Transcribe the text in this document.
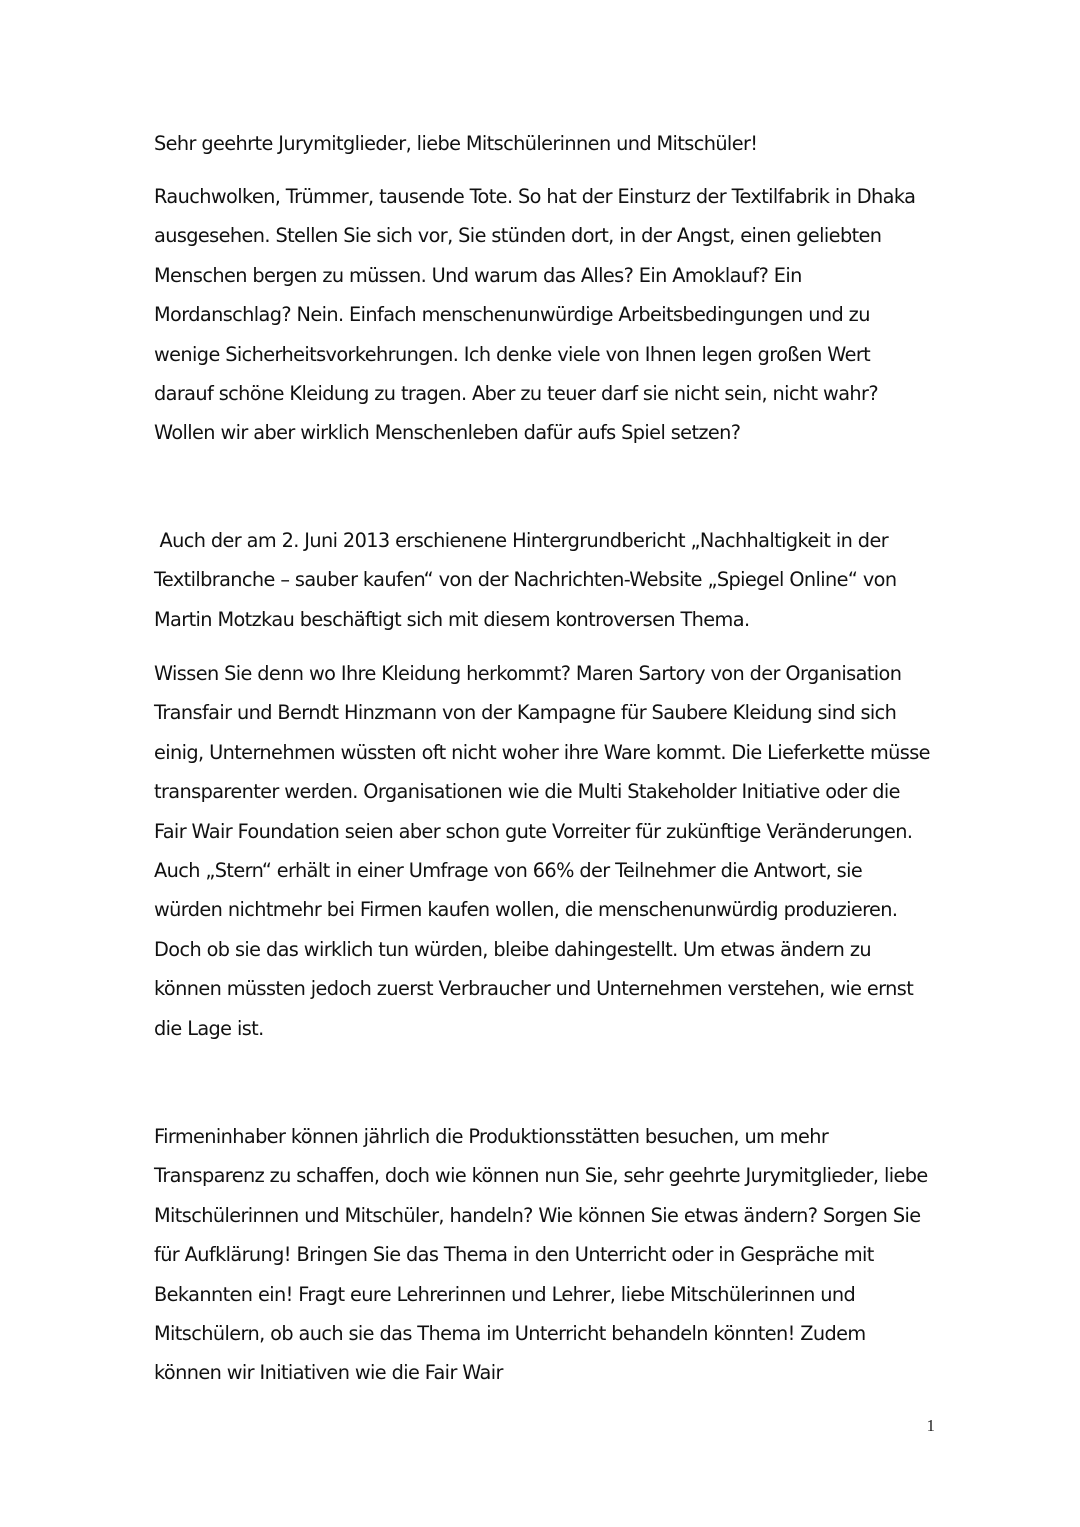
Sehr geehrte Jurymitglieder, liebe Mitschülerinnen und Mitschüler!

Rauchwolken, Trümmer, tausende Tote. So hat der Einsturz der Textilfabrik in Dhaka ausgesehen. Stellen Sie sich vor, Sie stünden dort, in der Angst, einen geliebten Menschen bergen zu müssen. Und warum das Alles? Ein Amoklauf? Ein Mordanschlag? Nein. Einfach menschenunwürdige Arbeitsbedingungen und zu wenige Sicherheitsvorkehrungen. Ich denke viele von Ihnen legen großen Wert darauf schöne Kleidung zu tragen. Aber zu teuer darf sie nicht sein, nicht wahr? Wollen wir aber wirklich Menschenleben dafür aufs Spiel setzen?

Auch der am 2. Juni 2013 erschienene Hintergrundbericht „Nachhaltigkeit in der Textilbranche – sauber kaufen“ von der Nachrichten-Website „Spiegel Online“ von Martin Motzkau beschäftigt sich mit diesem kontroversen Thema.

Wissen Sie denn wo Ihre Kleidung herkommt? Maren Sartory von der Organisation Transfair und Berndt Hinzmann von der Kampagne für Saubere Kleidung sind sich einig, Unternehmen wüssten oft nicht woher ihre Ware kommt. Die Lieferkette müsse transparenter werden. Organisationen wie die Multi Stakeholder Initiative oder die Fair Wair Foundation seien aber schon gute Vorreiter für zukünftige Veränderungen. Auch „Stern“ erhält in einer Umfrage von 66% der Teilnehmer die Antwort, sie würden nichtmehr bei Firmen kaufen wollen, die menschenunwürdig produzieren. Doch ob sie das wirklich tun würden, bleibe dahingestellt. Um etwas ändern zu können müssten jedoch zuerst Verbraucher und Unternehmen verstehen, wie ernst die Lage ist.

Firmeninhaber können jährlich die Produktionsstätten besuchen, um mehr Transparenz zu schaffen, doch wie können nun Sie, sehr geehrte Jurymitglieder, liebe Mitschülerinnen und Mitschüler, handeln? Wie können Sie etwas ändern? Sorgen Sie für Aufklärung! Bringen Sie das Thema in den Unterricht oder in Gespräche mit Bekannten ein! Fragt eure Lehrerinnen und Lehrer, liebe Mitschülerinnen und Mitschülern, ob auch sie das Thema im Unterricht behandeln könnten! Zudem können wir Initiativen wie die Fair Wair

1
